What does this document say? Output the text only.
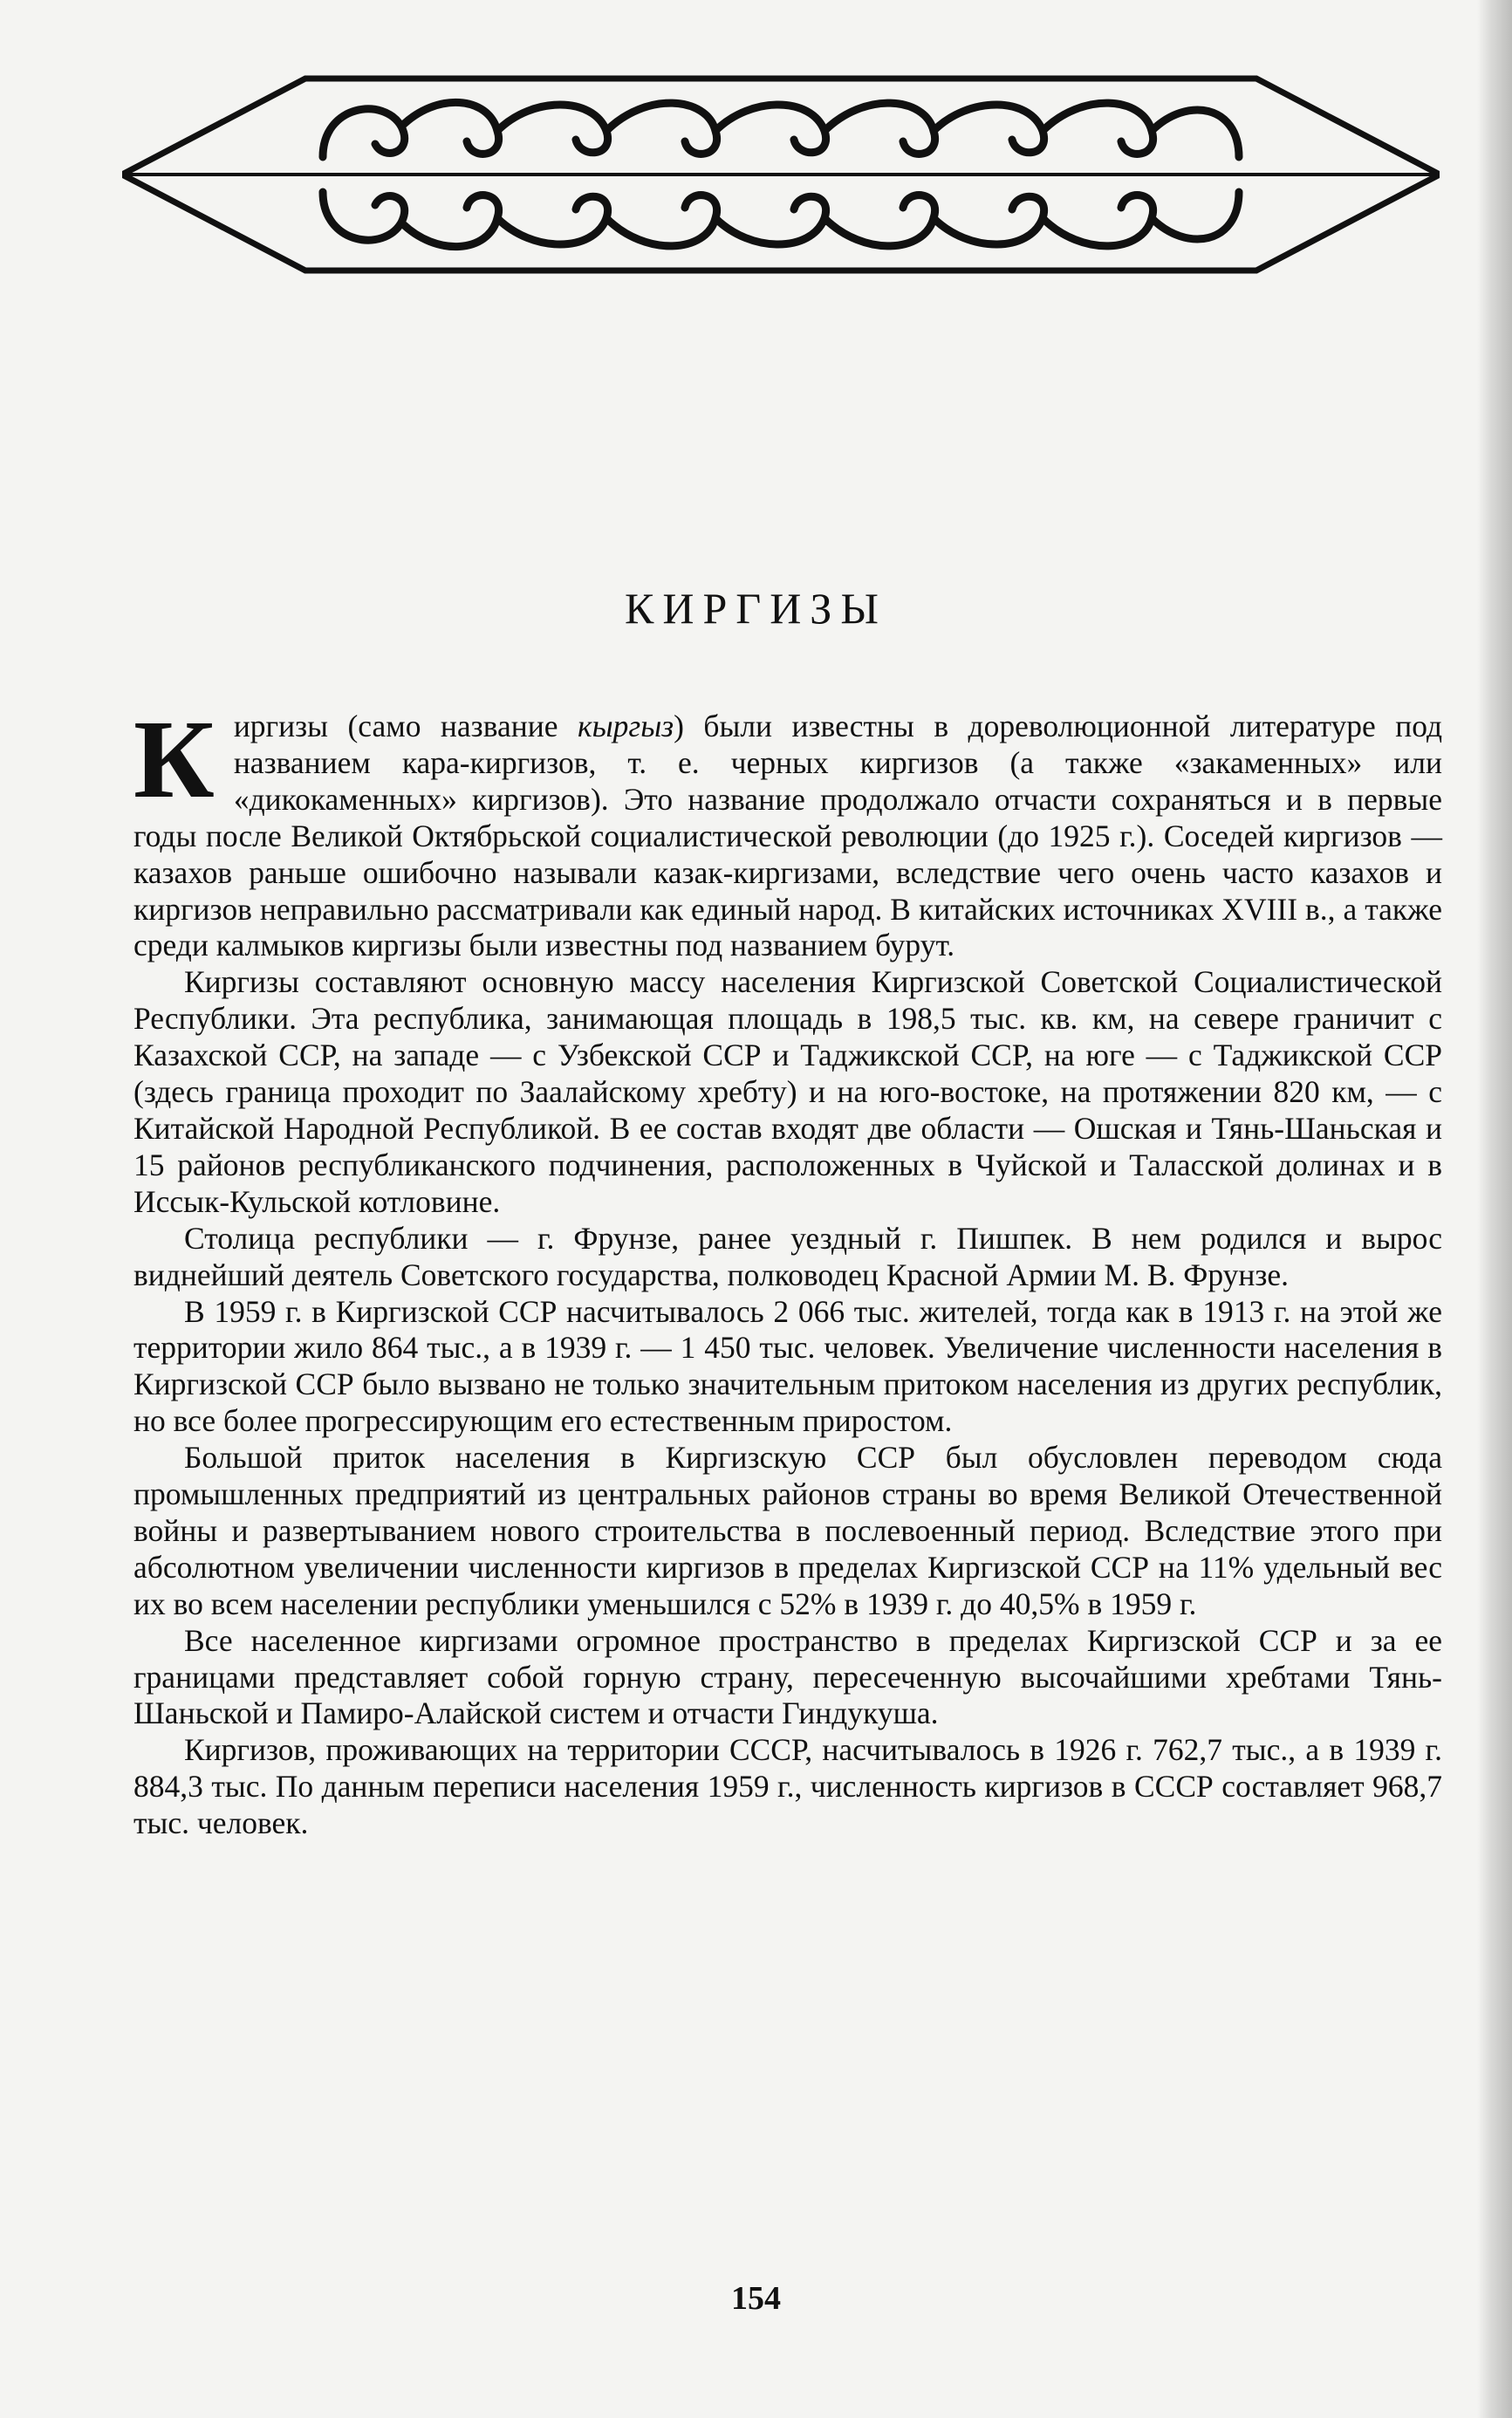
КИРГИЗЫ

Киргизы (само название кыргыз) были известны в дореволюционной литературе под названием кара-киргизов, т. е. черных киргизов (а также «закаменных» или «дикокаменных» киргизов). Это название продолжало отчасти сохраняться и в первые годы после Великой Октябрьской социалистической революции (до 1925 г.). Соседей киргизов — казахов раньше ошибочно называли казак-киргизами, вследствие чего очень часто казахов и киргизов неправильно рассматривали как единый народ. В китайских источниках XVIII в., а также среди калмыков киргизы были известны под названием бурут.

Киргизы составляют основную массу населения Киргизской Советской Социалистической Республики. Эта республика, занимающая площадь в 198,5 тыс. кв. км, на севере граничит с Казахской ССР, на западе — с Узбекской ССР и Таджикской ССР, на юге — с Таджикской ССР (здесь граница проходит по Заалайскому хребту) и на юго-востоке, на протяжении 820 км, — с Китайской Народной Республикой. В ее состав входят две области — Ошская и Тянь-Шаньская и 15 районов республиканского подчинения, расположенных в Чуйской и Таласской долинах и в Иссык-Кульской котловине.

Столица республики — г. Фрунзе, ранее уездный г. Пишпек. В нем родился и вырос виднейший деятель Советского государства, полководец Красной Армии М. В. Фрунзе.

В 1959 г. в Киргизской ССР насчитывалось 2 066 тыс. жителей, тогда как в 1913 г. на этой же территории жило 864 тыс., а в 1939 г. — 1 450 тыс. человек. Увеличение численности населения в Киргизской ССР было вызвано не только значительным притоком населения из других республик, но все более прогрессирующим его естественным приростом.

Большой приток населения в Киргизскую ССР был обусловлен переводом сюда промышленных предприятий из центральных районов страны во время Великой Отечественной войны и развертыванием нового строительства в послевоенный период. Вследствие этого при абсолютном увеличении численности киргизов в пределах Киргизской ССР на 11% удельный вес их во всем населении республики уменьшился с 52% в 1939 г. до 40,5% в 1959 г.

Все населенное киргизами огромное пространство в пределах Киргизской ССР и за ее границами представляет собой горную страну, пересеченную высочайшими хребтами Тянь-Шаньской и Памиро-Алайской систем и отчасти Гиндукуша.

Киргизов, проживающих на территории СССР, насчитывалось в 1926 г. 762,7 тыс., а в 1939 г. 884,3 тыс. По данным переписи населения 1959 г., численность киргизов в СССР составляет 968,7 тыс. человек.

154
